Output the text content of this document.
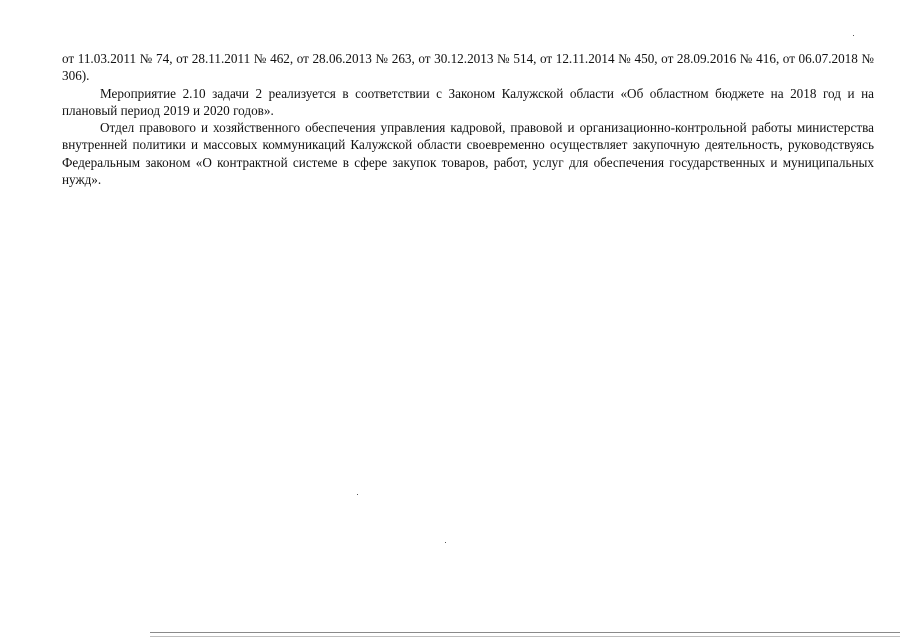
от 11.03.2011 № 74, от 28.11.2011 № 462, от 28.06.2013 № 263, от 30.12.2013 № 514, от 12.11.2014 № 450, от 28.09.2016 № 416, от 06.07.2018 № 306).

Мероприятие 2.10 задачи 2 реализуется в соответствии с Законом Калужской области «Об областном бюджете на 2018 год и на плановый период 2019 и 2020 годов».

Отдел правового и хозяйственного обеспечения управления кадровой, правовой и организационно-контрольной работы министерства внутренней политики и массовых коммуникаций Калужской области своевременно осуществляет закупочную деятельность, руководствуясь Федеральным законом «О контрактной системе в сфере закупок товаров, работ, услуг для обеспечения государственных и муниципальных нужд».
